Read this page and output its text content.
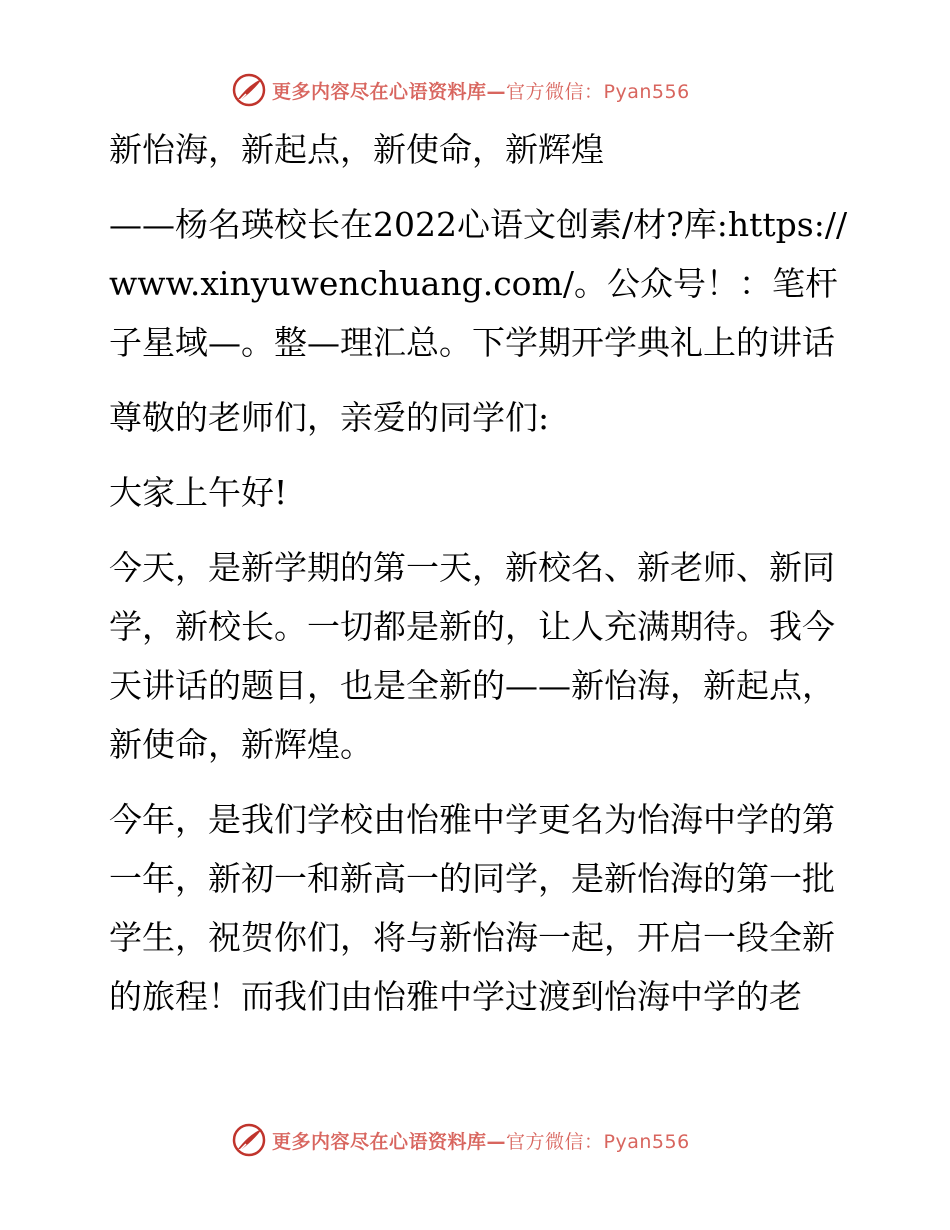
更多内容尽在心语资料库—官方微信：Pyan556

新怡海，新起点，新使命，新辉煌

——杨名瑛校长在2022心语文创素/材?库:https://www.xinyuwenchuang.com/。公众号！：笔杆子星域—。整—理汇总。下学期开学典礼上的讲话

尊敬的老师们，亲爱的同学们:

大家上午好!

今天，是新学期的第一天，新校名、新老师、新同学，新校长。一切都是新的，让人充满期待。我今天讲话的题目，也是全新的——新怡海，新起点，新使命，新辉煌。

今年，是我们学校由怡雅中学更名为怡海中学的第一年，新初一和新高一的同学，是新怡海的第一批学生，祝贺你们，将与新怡海一起，开启一段全新的旅程！而我们由怡雅中学过渡到怡海中学的老

更多内容尽在心语资料库—官方微信：Pyan556
